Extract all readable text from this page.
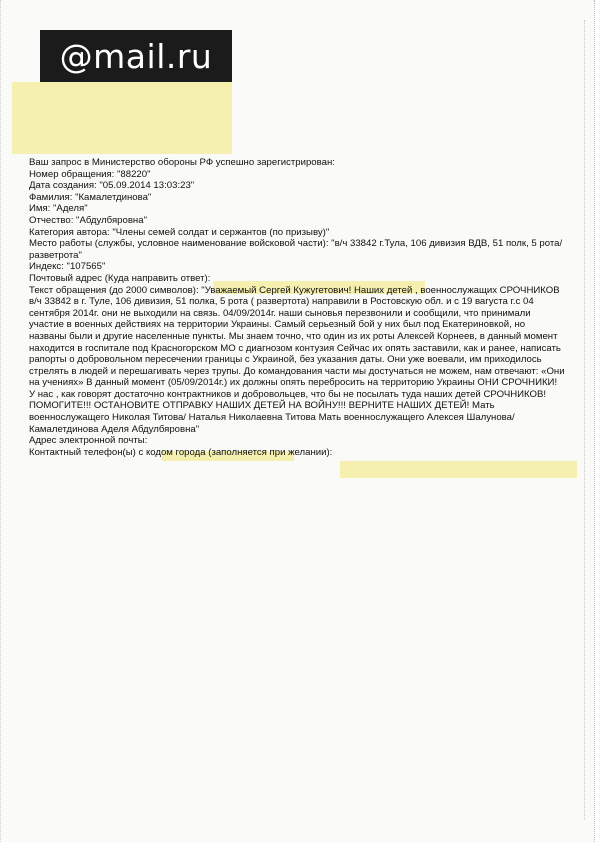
@mail.ru
Ваш запрос в Министерство обороны РФ успешно зарегистрирован:
Номер обращения: "88220"
Дата создания: "05.09.2014 13:03:23"
Фамилия: "Камалетдинова"
Имя: "Аделя"
Отчество: "Абдулбяровна"
Категория автора: "Члены семей солдат и сержантов (по призыву)"
Место работы (службы, условное наименование войсковой части): "в/ч 33842 г.Тула, 106 дивизия ВДВ, 51 полк, 5 рота/разветрота"
Индекс: "107565"
Почтовый адрес (Куда направить ответ):
Текст обращения (до 2000 символов): "Уважаемый Сергей Кужугетович! Наших детей , военнослужащих СРОЧНИКОВ в/ч 33842 в г. Туле, 106 дивизия, 51 полка, 5 рота ( развертота) направили в Ростовскую обл. и с 19 вагуста г.с 04 сентября 2014г. они не выходили на связь. 04/09/2014г. наши сыновья перезвонили и сообщили, что принимали участие в военных действиях на территории Украины. Самый серьезный бой у них был под Екатериновкой, но названы были и другие населенные пункты. Мы знаем точно, что один из их роты Алексей Корнеев, в данный момент находится в госпитале под Красногорском МО с диагнозом контузия Сейчас их опять заставили, как и ранее, написать рапорты о добровольном пересечении границы с Украиной, без указания даты. Они уже воевали, им приходилось стрелять в людей и перешагивать через трупы. До командования части мы достучаться не можем, нам отвечают: «Они на учениях» В данный момент (05/09/2014г.) их должны опять перебросить на территорию Украины ОНИ СРОЧНИКИ! У нас , как говорят достаточно контрактников и добровольцев, что бы не посылать туда наших детей СРОЧНИКОВ! ПОМОГИТЕ!!! ОСТАНОВИТЕ ОТПРАВКУ НАШИХ ДЕТЕЙ НА ВОЙНУ!!! ВЕРНИТЕ НАШИХ ДЕТЕЙ! Мать военнослужащего Николая Титова/ Наталья Николаевна Титова Мать военнослужащего Алексея Шалунова/ Камалетдинова Аделя Абдулбяровна"
Адрес электронной почты:
Контактный телефон(ы) с кодом города (заполняется при желании):
